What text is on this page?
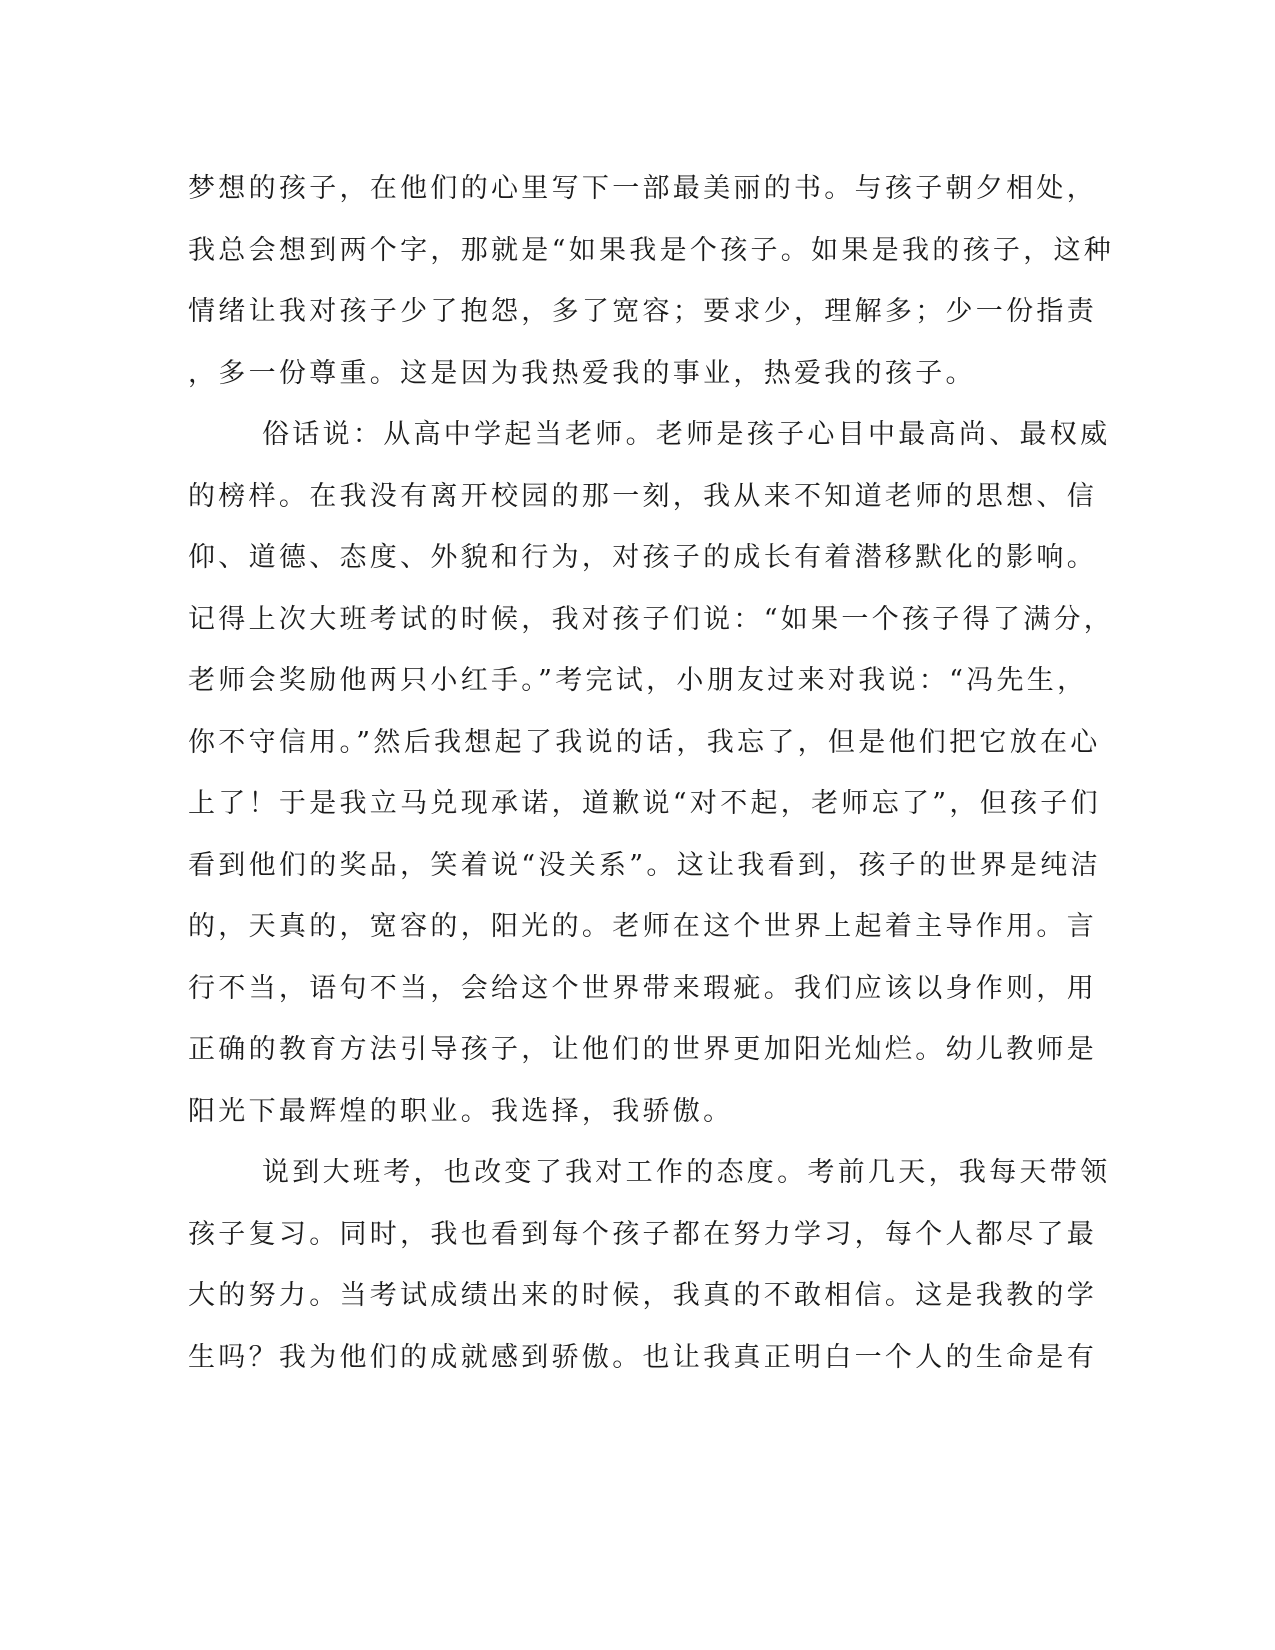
梦想的孩子，在他们的心里写下一部最美丽的书。与孩子朝夕相处，
我总会想到两个字，那就是“如果我是个孩子。如果是我的孩子，这种
情绪让我对孩子少了抱怨，多了宽容；要求少，理解多；少一份指责
，多一份尊重。这是因为我热爱我的事业，热爱我的孩子。
俗话说：从高中学起当老师。老师是孩子心目中最高尚、最权威
的榜样。在我没有离开校园的那一刻，我从来不知道老师的思想、信
仰、道德、态度、外貌和行为，对孩子的成长有着潜移默化的影响。
记得上次大班考试的时候，我对孩子们说：“如果一个孩子得了满分，
老师会奖励他两只小红手。”考完试，小朋友过来对我说：“冯先生，
你不守信用。”然后我想起了我说的话，我忘了，但是他们把它放在心
上了！于是我立马兑现承诺，道歉说“对不起，老师忘了”，但孩子们
看到他们的奖品，笑着说“没关系”。这让我看到，孩子的世界是纯洁
的，天真的，宽容的，阳光的。老师在这个世界上起着主导作用。言
行不当，语句不当，会给这个世界带来瑕疵。我们应该以身作则，用
正确的教育方法引导孩子，让他们的世界更加阳光灿烂。幼儿教师是
阳光下最辉煌的职业。我选择，我骄傲。
说到大班考，也改变了我对工作的态度。考前几天，我每天带领
孩子复习。同时，我也看到每个孩子都在努力学习，每个人都尽了最
大的努力。当考试成绩出来的时候，我真的不敢相信。这是我教的学
生吗？我为他们的成就感到骄傲。也让我真正明白一个人的生命是有
